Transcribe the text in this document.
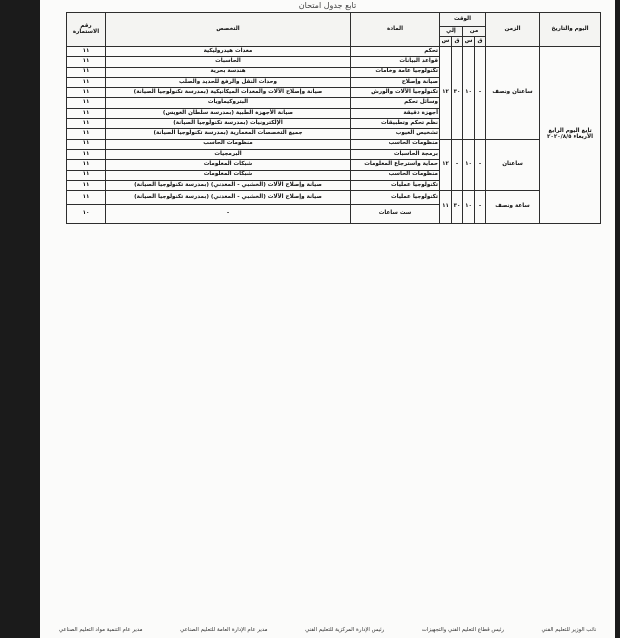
تابع جدول امتحان
اليوم والتاريخ	الزمن	الوقت				المادة	التخصص	رقم الاستمارة	
		من		إلي					
		ق	س	ق	س				
تابع اليوم الرابع الأربعاء ٢٠٢٠/٨/٥	ساعتان ونصف	-	١٠	٣٠	١٢	تحكم	معدات هيدروليكية	١١	
						قواعد البيانات	الحاسبات	١١	
						تكنولوجيا عامة وخامات	هندسة بحرية	١١	
						صيانة وإصلاح	وحدات النقل والرفع للحديد والصلب	١١	
						تكنولوجيا الآلات والورش	صيانة وإصلاح الآلات والمعدات الميكانيكية (بمدرسة تكنولوجيا الصيانة)	١١	
						وسائل تحكم	البتروكيماويات	١١	
						أجهزة دقيقة	صيانة الأجهزة الطبية (بمدرسة سلطان العويس)	١١	
						نظم تحكم وتطبيقات	الإلكترونيات (بمدرسة تكنولوجيا الصيانة)	١١	
						تشخيص العيوب	جميع التخصصات المعمارية (بمدرسة تكنولوجيا الصيانة)	١١	
	ساعتان	-	١٠	-	١٢	منظومات الحاسب	منظومات الحاسب	١١	
						برمجة الحاسبات	البرمجيات	١١	
						حماية واسترجاع المعلومات	شبكات المعلومات	١١	
						منظومات الحاسب	شبكات المعلومات	١١	
						تكنولوجيا عمليات	صيانة وإصلاح الآلات (الخشبي - المعدني) (بمدرسة تكنولوجيا الصيانة)	١١	
	ساعة ونصف	-	١٠	٣٠	١١	تكنولوجيا عمليات	صيانة وإصلاح الآلات (الخشبي - المعدني) (بمدرسة تكنولوجيا الصيانة)	١١	
						ست ساعات	-	١٠					
مدير عام التنمية مواد التعليم الصناعي	مدير عام الإدارة العامة للتعليم الصناعي	رئيس الإدارة المركزية للتعليم الفني	رئيس قطاع التعليم الفني والتجهيزات	نائب الوزير للتعليم الفني
